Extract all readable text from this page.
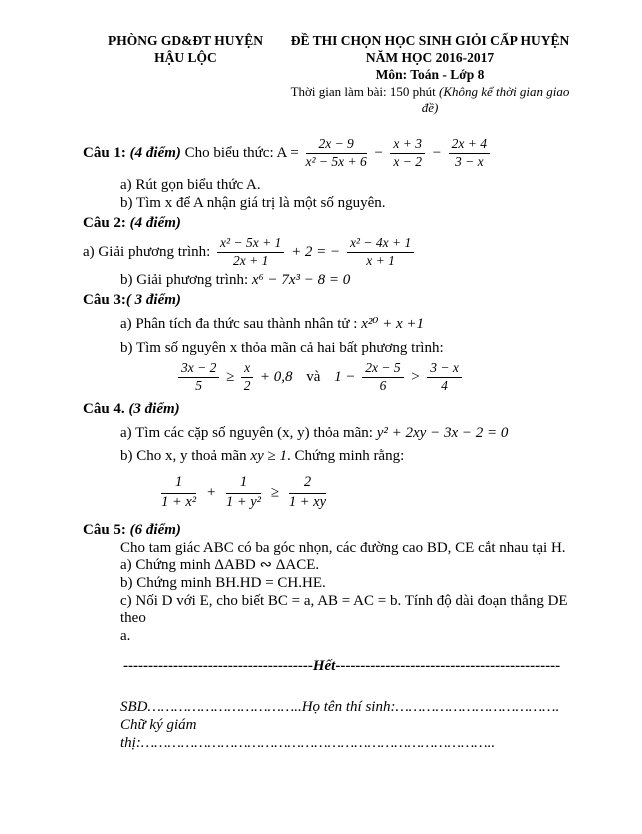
PHÒNG GD&ĐT HUYỆN
HẬU LỘC
ĐỀ THI CHỌN HỌC SINH GIỎI CẤP HUYỆN
NĂM HỌC 2016-2017
Môn: Toán - Lớp 8
Thời gian làm bài: 150 phút (Không kể thời gian giao đề)
Câu 1: (4 điểm) Cho biểu thức: $A = \frac{2x - 9}{\text{x² − 5x + 6}} - \frac{x + 3}{x - 2} - \frac{2x + 4}{3 - x}$
a) Rút gọn biểu thức A.
b) Tìm x để A nhận giá trị là một số nguyên.
Câu 2: (4 điểm)
a) Giải phương trình: $\frac{\text{x² − 5x + 1}}{2x + 1} + 2$ = − $\frac{\text{x² − 4x + 1}}{x + 1}$
b) Giải phương trình: x⁶ − 7x³ − 8 = 0
Câu 3:( 3 điểm)
a) Phân tích đa thức sau thành nhân tử : x²⁰ + x +1
b) Tìm số nguyên x thỏa mãn cả hai bất phương trình:
$\frac{3x - 2}{5} \ge \frac{x}{2} + 0,8$ và $1 - \frac{2x - 5}{6} > \frac{3 - x}{4}$
Câu 4. (3 điểm)
a) Tìm các cặp số nguyên (x, y) thỏa mãn: y² + 2xy − 3x − 2 = 0
b) Cho x, y thoả mãn xy ≥ 1. Chứng minh rằng:
$\frac{1}{\text{1 + x²}} + \frac{1}{\text{1 + y²}} \ge \frac{2}{1 + xy}$
Câu 5: (6 điểm)
Cho tam giác ABC có ba góc nhọn, các đường cao BD, CE cắt nhau tại H.
a) Chứng minh ΔABD ∾ ΔACE.
b) Chứng minh BH.HD = CH.HE.
c) Nối D với E, cho biết BC = a, AB = AC = b. Tính độ dài đoạn thẳng DE theo
a.
--------------------------------------Hết---------------------------------------------
SBD……………………………..Họ tên thí sinh:……………………………….
Chữ ký giám thị:……………………………………………………………………..
